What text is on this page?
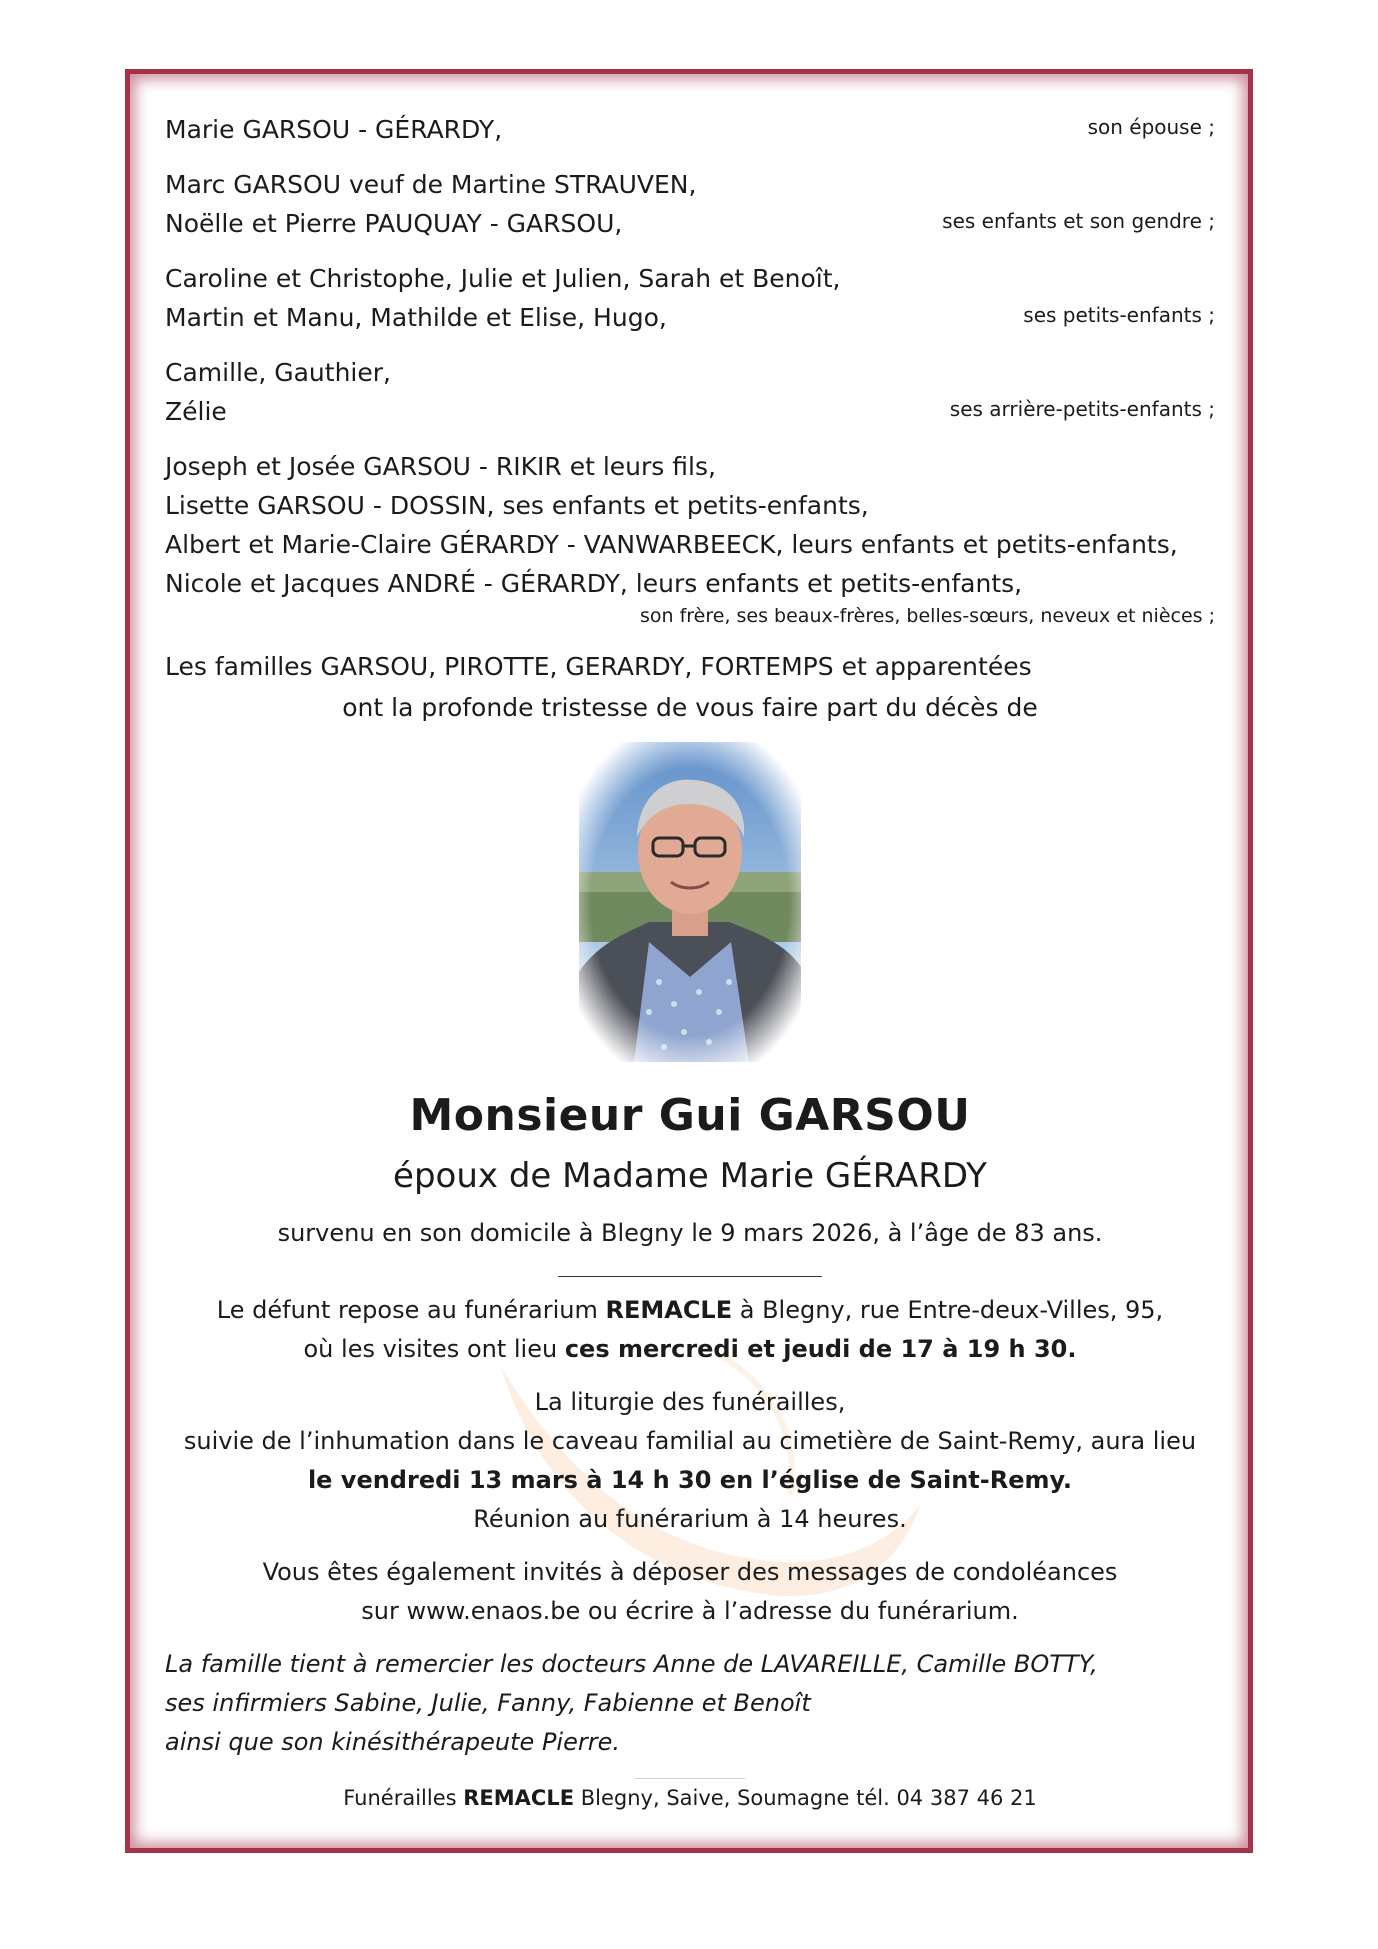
Marie GARSOU - GÉRARDY,	son épouse ;
Marc GARSOU veuf de Martine STRAUVEN,
Noëlle et Pierre PAUQUAY - GARSOU,	ses enfants et son gendre ;
Caroline et Christophe, Julie et Julien, Sarah et Benoît,
Martin et Manu, Mathilde et Elise, Hugo,	ses petits-enfants ;
Camille, Gauthier,
Zélie	ses arrière-petits-enfants ;
Joseph et Josée GARSOU - RIKIR et leurs fils,
Lisette GARSOU - DOSSIN, ses enfants et petits-enfants,
Albert et Marie-Claire GÉRARDY - VANWARBEECK, leurs enfants et petits-enfants,
Nicole et Jacques ANDRÉ - GÉRARDY, leurs enfants et petits-enfants,
son frère, ses beaux-frères, belles-sœurs, neveux et nièces ;
Les familles GARSOU, PIROTTE, GERARDY, FORTEMPS et apparentées
ont la profonde tristesse de vous faire part du décès de
Monsieur Gui GARSOU
époux de Madame Marie GÉRARDY
survenu en son domicile à Blegny le 9 mars 2026, à l’âge de 83 ans.
Le défunt repose au funérarium REMACLE à Blegny, rue Entre-deux-Villes, 95,
où les visites ont lieu ces mercredi et jeudi de 17 à 19 h 30.
La liturgie des funérailles,
suivie de l’inhumation dans le caveau familial au cimetière de Saint-Remy, aura lieu
le vendredi 13 mars à 14 h 30 en l’église de Saint-Remy.
Réunion au funérarium à 14 heures.
Vous êtes également invités à déposer des messages de condoléances
sur www.enaos.be ou écrire à l’adresse du funérarium.
La famille tient à remercier les docteurs Anne de LAVAREILLE, Camille BOTTY,
ses infirmiers Sabine, Julie, Fanny, Fabienne et Benoît
ainsi que son kinésithérapeute Pierre.
Funérailles REMACLE Blegny, Saive, Soumagne tél. 04 387 46 21
